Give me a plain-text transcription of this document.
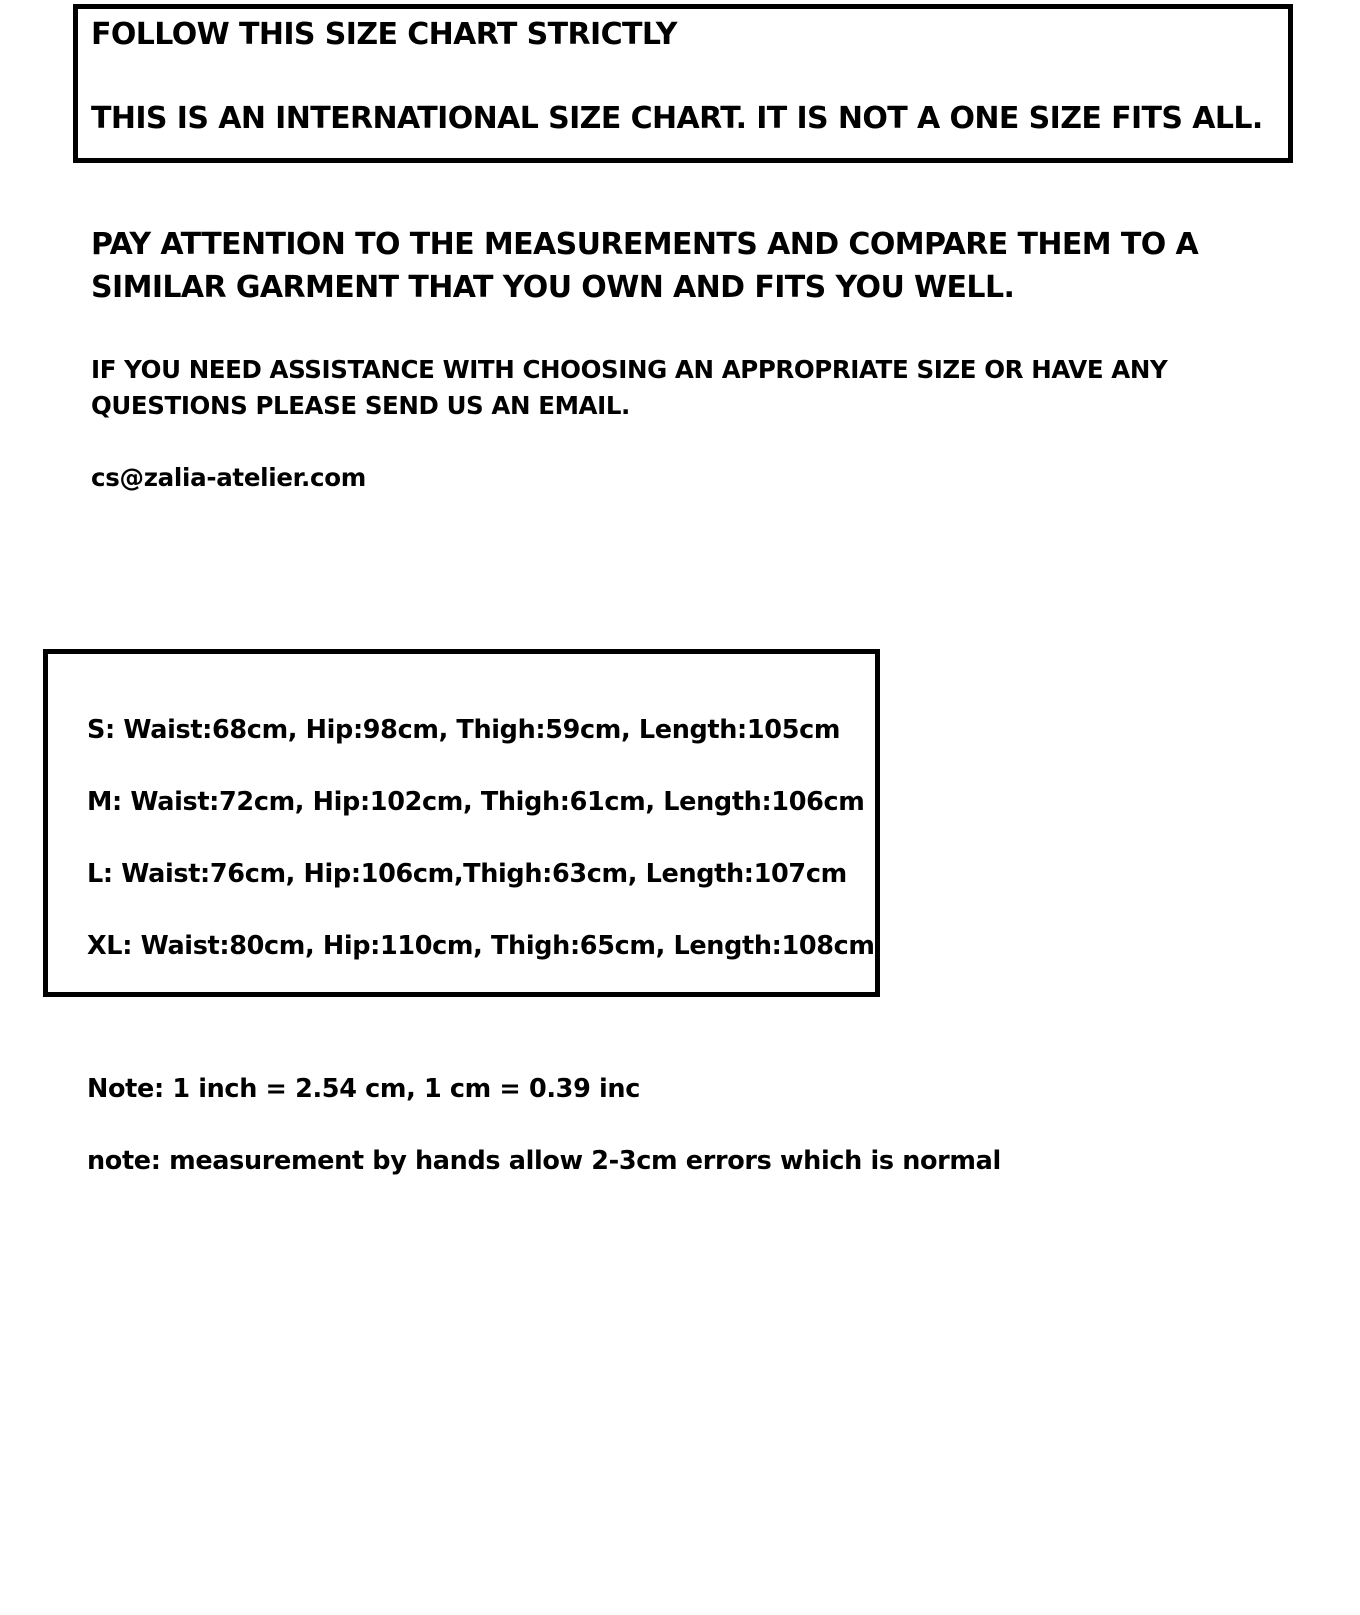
FOLLOW THIS SIZE CHART STRICTLY

THIS IS AN INTERNATIONAL SIZE CHART. IT IS NOT A ONE SIZE FITS ALL.

PAY ATTENTION TO THE MEASUREMENTS AND COMPARE THEM TO A

SIMILAR GARMENT THAT YOU OWN AND FITS YOU WELL.

IF YOU NEED ASSISTANCE WITH CHOOSING AN APPROPRIATE SIZE OR HAVE ANY

QUESTIONS PLEASE SEND US AN EMAIL.

cs@zalia-atelier.com

S: Waist:68cm, Hip:98cm, Thigh:59cm, Length:105cm

M: Waist:72cm, Hip:102cm, Thigh:61cm, Length:106cm

L: Waist:76cm, Hip:106cm,Thigh:63cm, Length:107cm

XL: Waist:80cm, Hip:110cm, Thigh:65cm, Length:108cm

Note: 1 inch = 2.54 cm, 1 cm = 0.39 inc

note: measurement by hands allow 2-3cm errors which is normal
